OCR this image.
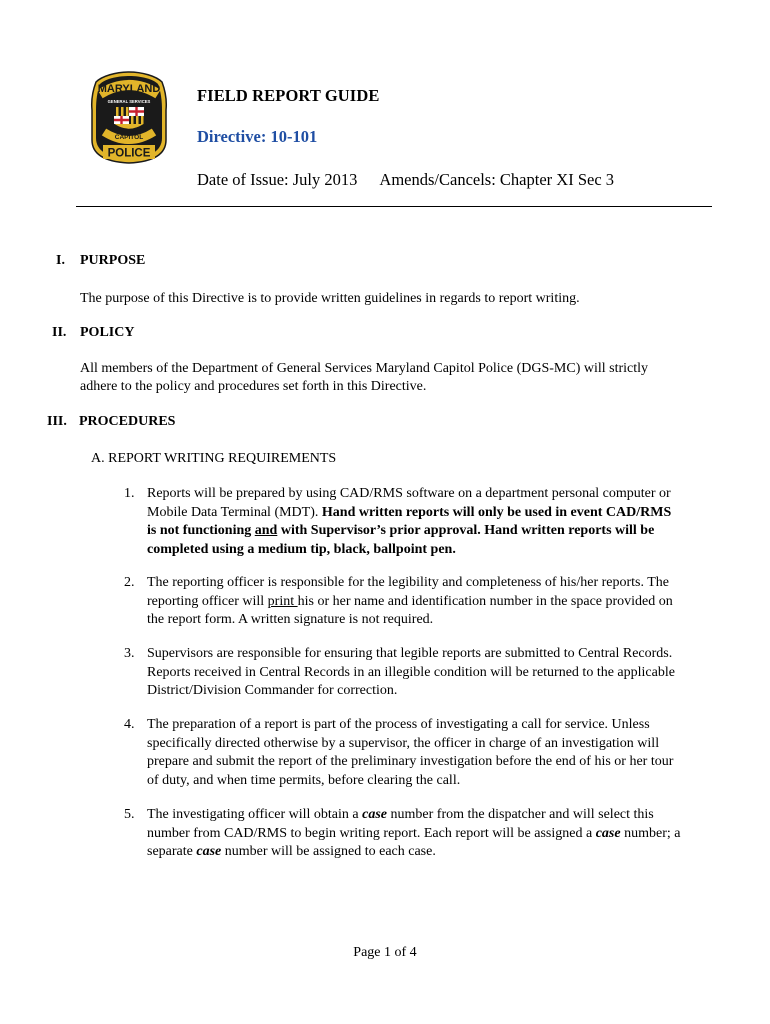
MARYLAND
GENERAL SERVICES
CAPITOL
POLICE
FIELD REPORT GUIDE
Directive: 10-101
Date of Issue: July 2013 Amends/Cancels: Chapter XI Sec 3
I. PURPOSE
The purpose of this Directive is to provide written guidelines in regards to report writing.
II. POLICY
All members of the Department of General Services Maryland Capitol Police (DGS-MC) will strictly
adhere to the policy and procedures set forth in this Directive.
III. PROCEDURES
A. REPORT WRITING REQUIREMENTS
1. Reports will be prepared by using CAD/RMS software on a department personal computer or
Mobile Data Terminal (MDT). Hand written reports will only be used in event CAD/RMS
is not functioning and with Supervisor’s prior approval. Hand written reports will be
completed using a medium tip, black, ballpoint pen.
2. The reporting officer is responsible for the legibility and completeness of his/her reports. The
reporting officer will print his or her name and identification number in the space provided on
the report form. A written signature is not required.
3. Supervisors are responsible for ensuring that legible reports are submitted to Central Records.
Reports received in Central Records in an illegible condition will be returned to the applicable
District/Division Commander for correction.
4. The preparation of a report is part of the process of investigating a call for service. Unless
specifically directed otherwise by a supervisor, the officer in charge of an investigation will
prepare and submit the report of the preliminary investigation before the end of his or her tour
of duty, and when time permits, before clearing the call.
5. The investigating officer will obtain a case number from the dispatcher and will select this
number from CAD/RMS to begin writing report. Each report will be assigned a case number; a
separate case number will be assigned to each case.
Page 1 of 4
